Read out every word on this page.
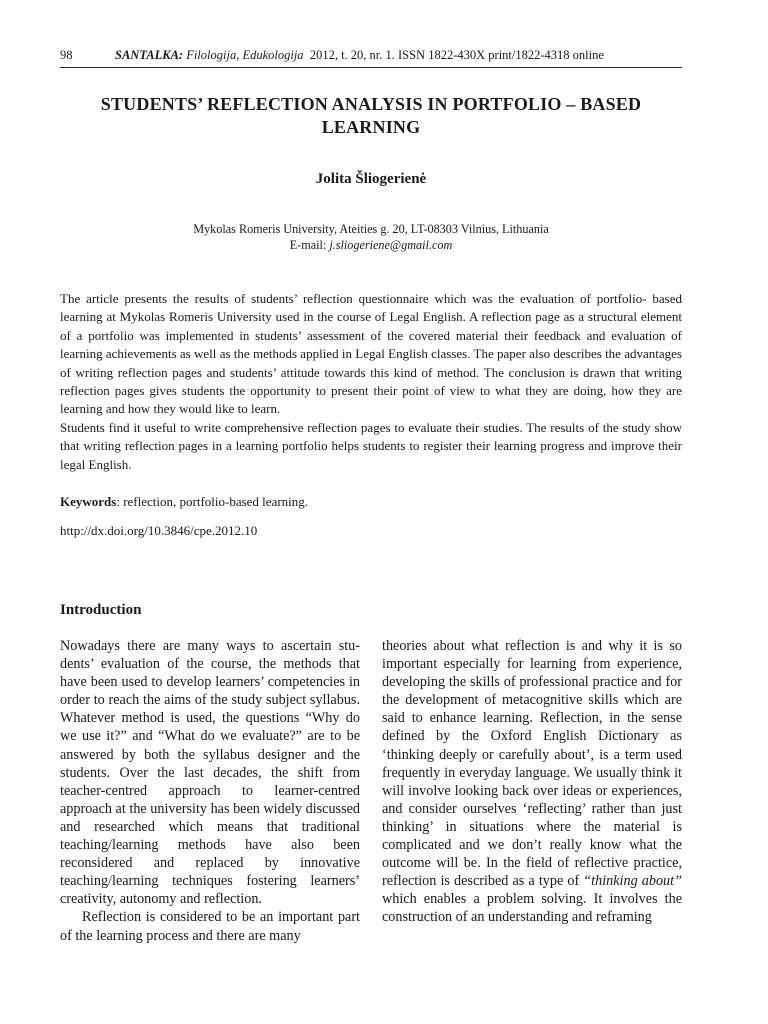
98	SANTALKA: Filologija, Edukologija 2012, t. 20, nr. 1. ISSN 1822-430X print/1822-4318 online
STUDENTS’ REFLECTION ANALYSIS IN PORTFOLIO – BASED
LEARNING
Jolita Šliogerienė
Mykolas Romeris University, Ateities g. 20, LT-08303 Vilnius, Lithuania
E-mail: j.sliogeriene@gmail.com

The article presents the results of students’ reflection questionnaire which was the evaluation of portfolio- based learning at Mykolas Romeris University used in the course of Legal English. A reflection page as a structural element of a portfolio was implemented in students’ assessment of the covered material their feedback and evaluation of learning achievements as well as the methods applied in Legal English classes. The paper also describes the advantages of writing reflection pages and students’ attitude towards this kind of method. The conclusion is drawn that writing reflection pages gives students the opportunity to present their point of view to what they are doing, how they are learning and how they would like to learn.

Students find it useful to write comprehensive reflection pages to evaluate their studies. The results of the study show that writing reflection pages in a learning portfolio helps students to register their learning progress and improve their legal English.

Keywords: reflection, portfolio-based learning.
http://dx.doi.org/10.3846/cpe.2012.10
Introduction

Nowadays there are many ways to ascertain students’ evaluation of the course, the methods that have been used to develop learners’ competencies in order to reach the aims of the study subject syllabus. Whatever method is used, the questions “Why do we use it?” and “What do we evaluate?” are to be answered by both the syllabus designer and the students. Over the last decades, the shift from teacher-centred approach to learner-centred approach at the university has been widely discussed and researched which means that traditional teaching/learning methods have also been reconsidered and replaced by innovative teaching/learning techniques fostering learners’ creativity, autonomy and reflection.

Reflection is considered to be an important part of the learning process and there are many

theories about what reflection is and why it is so important especially for learning from experience, developing the skills of professional practice and for the development of metacognitive skills which are said to enhance learning. Reflection, in the sense defined by the Oxford English Dictionary as ‘thinking deeply or carefully about’, is a term used frequently in everyday language. We usually think it will involve looking back over ideas or experiences, and consider ourselves ‘reflecting’ rather than just thinking’ in situations where the material is complicated and we don’t really know what the outcome will be. In the field of reflective practice, reflection is described as a type of “thinking about” which enables a problem solving. It involves the construction of an understanding and reframing
